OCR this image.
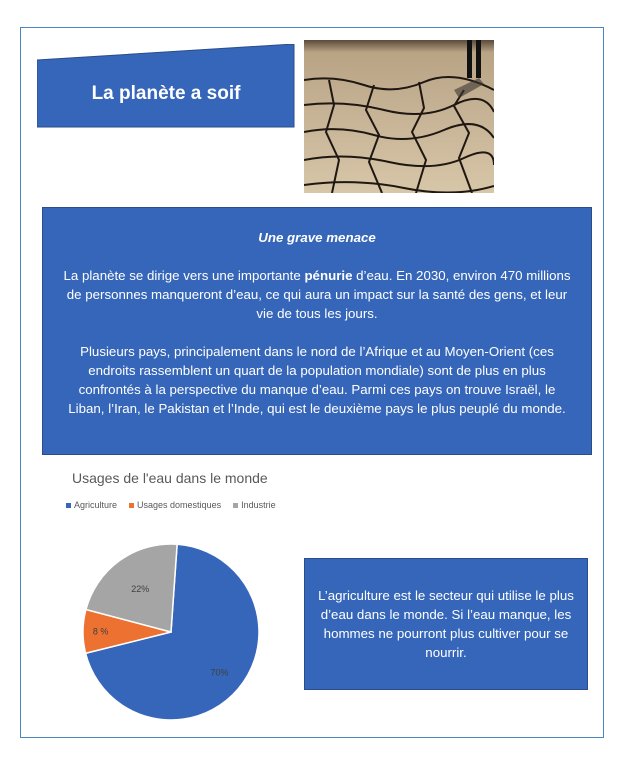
La planète a soif
Une grave menace

La planète se dirige vers une importante pénurie d’eau. En 2030, environ 470 millions de personnes manqueront d’eau, ce qui aura un impact sur la santé des gens, et leur vie de tous les jours.

Plusieurs pays, principalement dans le nord de l’Afrique et au Moyen-Orient (ces endroits rassemblent un quart de la population mondiale) sont de plus en plus confrontés à la perspective du manque d’eau. Parmi ces pays on trouve Israël, le Liban, l’Iran, le Pakistan et l’Inde, qui est le deuxième pays le plus peuplé du monde.

Usages de l'eau dans le monde
Agriculture Usages domestiques Industrie
70%
8 %
22%	L’agriculture est le secteur qui utilise le plus d’eau dans le monde. Si l’eau manque, les hommes ne pourront plus cultiver pour se nourrir.
